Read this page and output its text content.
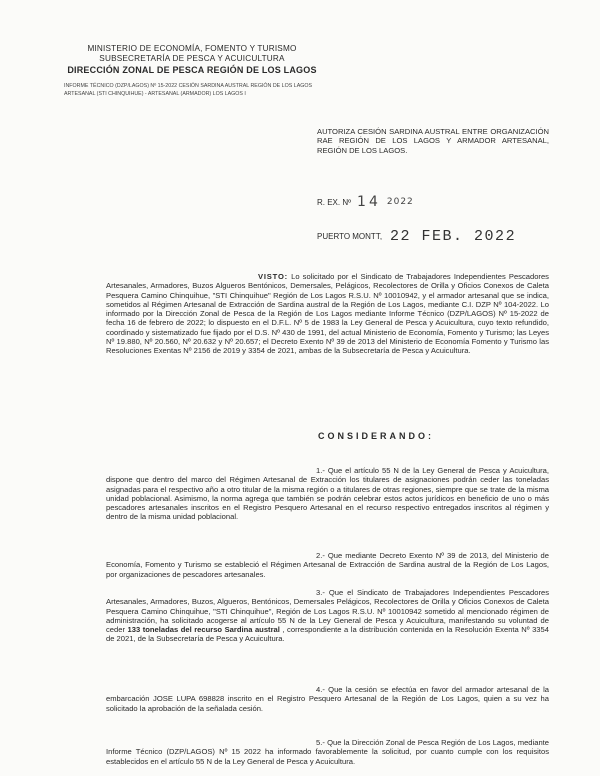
MINISTERIO DE ECONOMÍA, FOMENTO Y TURISMO
SUBSECRETARÍA DE PESCA Y ACUICULTURA
DIRECCIÓN ZONAL DE PESCA REGIÓN DE LOS LAGOS
INFORME TÉCNICO (DZP/LAGOS) Nº 15-2022 CESIÓN SARDINA AUSTRAL REGIÓN DE LOS LAGOS
ARTESANAL (STI CHINQUIHUE) - ARTESANAL (ARMADOR) LOS LAGOS I
AUTORIZA CESIÓN SARDINA AUSTRAL ENTRE ORGANIZACIÓN RAE REGIÓN DE LOS LAGOS Y ARMADOR ARTESANAL, REGIÓN DE LOS LAGOS.
R. EX. Nº 14 2022
PUERTO MONTT, 22 FEB. 2022
VISTO: Lo solicitado por el Sindicato de Trabajadores Independientes Pescadores Artesanales, Armadores, Buzos Algueros Bentónicos, Demersales, Pelágicos, Recolectores de Orilla y Oficios Conexos de Caleta Pesquera Camino Chinquihue, "STI Chinquihue" Región de Los Lagos R.S.U. Nº 10010942, y el armador artesanal que se indica, sometidos al Régimen Artesanal de Extracción de Sardina austral de la Región de Los Lagos, mediante C.I. DZP Nº 104-2022. Lo informado por la Dirección Zonal de Pesca de la Región de Los Lagos mediante Informe Técnico (DZP/LAGOS) Nº 15-2022 de fecha 16 de febrero de 2022; lo dispuesto en el D.F.L. Nº 5 de 1983 la Ley General de Pesca y Acuicultura, cuyo texto refundido, coordinado y sistematizado fue fijado por el D.S. Nº 430 de 1991, del actual Ministerio de Economía, Fomento y Turismo; las Leyes Nº 19.880, Nº 20.560, Nº 20.632 y Nº 20.657; el Decreto Exento Nº 39 de 2013 del Ministerio de Economía Fomento y Turismo las Resoluciones Exentas Nº 2156 de 2019 y 3354 de 2021, ambas de la Subsecretaría de Pesca y Acuicultura.
CONSIDERANDO:
1.- Que el artículo 55 N de la Ley General de Pesca y Acuicultura, dispone que dentro del marco del Régimen Artesanal de Extracción los titulares de asignaciones podrán ceder las toneladas asignadas para el respectivo año a otro titular de la misma región o a titulares de otras regiones, siempre que se trate de la misma unidad poblacional. Asimismo, la norma agrega que también se podrán celebrar estos actos jurídicos en beneficio de uno o más pescadores artesanales inscritos en el Registro Pesquero Artesanal en el recurso respectivo entregados inscritos al régimen y dentro de la misma unidad poblacional.
2.- Que mediante Decreto Exento Nº 39 de 2013, del Ministerio de Economía, Fomento y Turismo se estableció el Régimen Artesanal de Extracción de Sardina austral de la Región de Los Lagos, por organizaciones de pescadores artesanales.
3.- Que el Sindicato de Trabajadores Independientes Pescadores Artesanales, Armadores, Buzos, Algueros, Bentónicos, Demersales Pelágicos, Recolectores de Orilla y Oficios Conexos de Caleta Pesquera Camino Chinquihue, "STI Chinquihue", Región de Los Lagos R.S.U. Nº 10010942 sometido al mencionado régimen de administración, ha solicitado acogerse al artículo 55 N de la Ley General de Pesca y Acuicultura, manifestando su voluntad de ceder 133 toneladas del recurso Sardina austral , correspondiente a la distribución contenida en la Resolución Exenta Nº 3354 de 2021, de la Subsecretaría de Pesca y Acuicultura.
4.- Que la cesión se efectúa en favor del armador artesanal de la embarcación JOSE LUPA 698828 inscrito en el Registro Pesquero Artesanal de la Región de Los Lagos, quien a su vez ha solicitado la aprobación de la señalada cesión.
5.- Que la Dirección Zonal de Pesca Región de Los Lagos, mediante Informe Técnico (DZP/LAGOS) Nº 15 2022 ha informado favorablemente la solicitud, por cuanto cumple con los requisitos establecidos en el artículo 55 N de la Ley General de Pesca y Acuicultura.
